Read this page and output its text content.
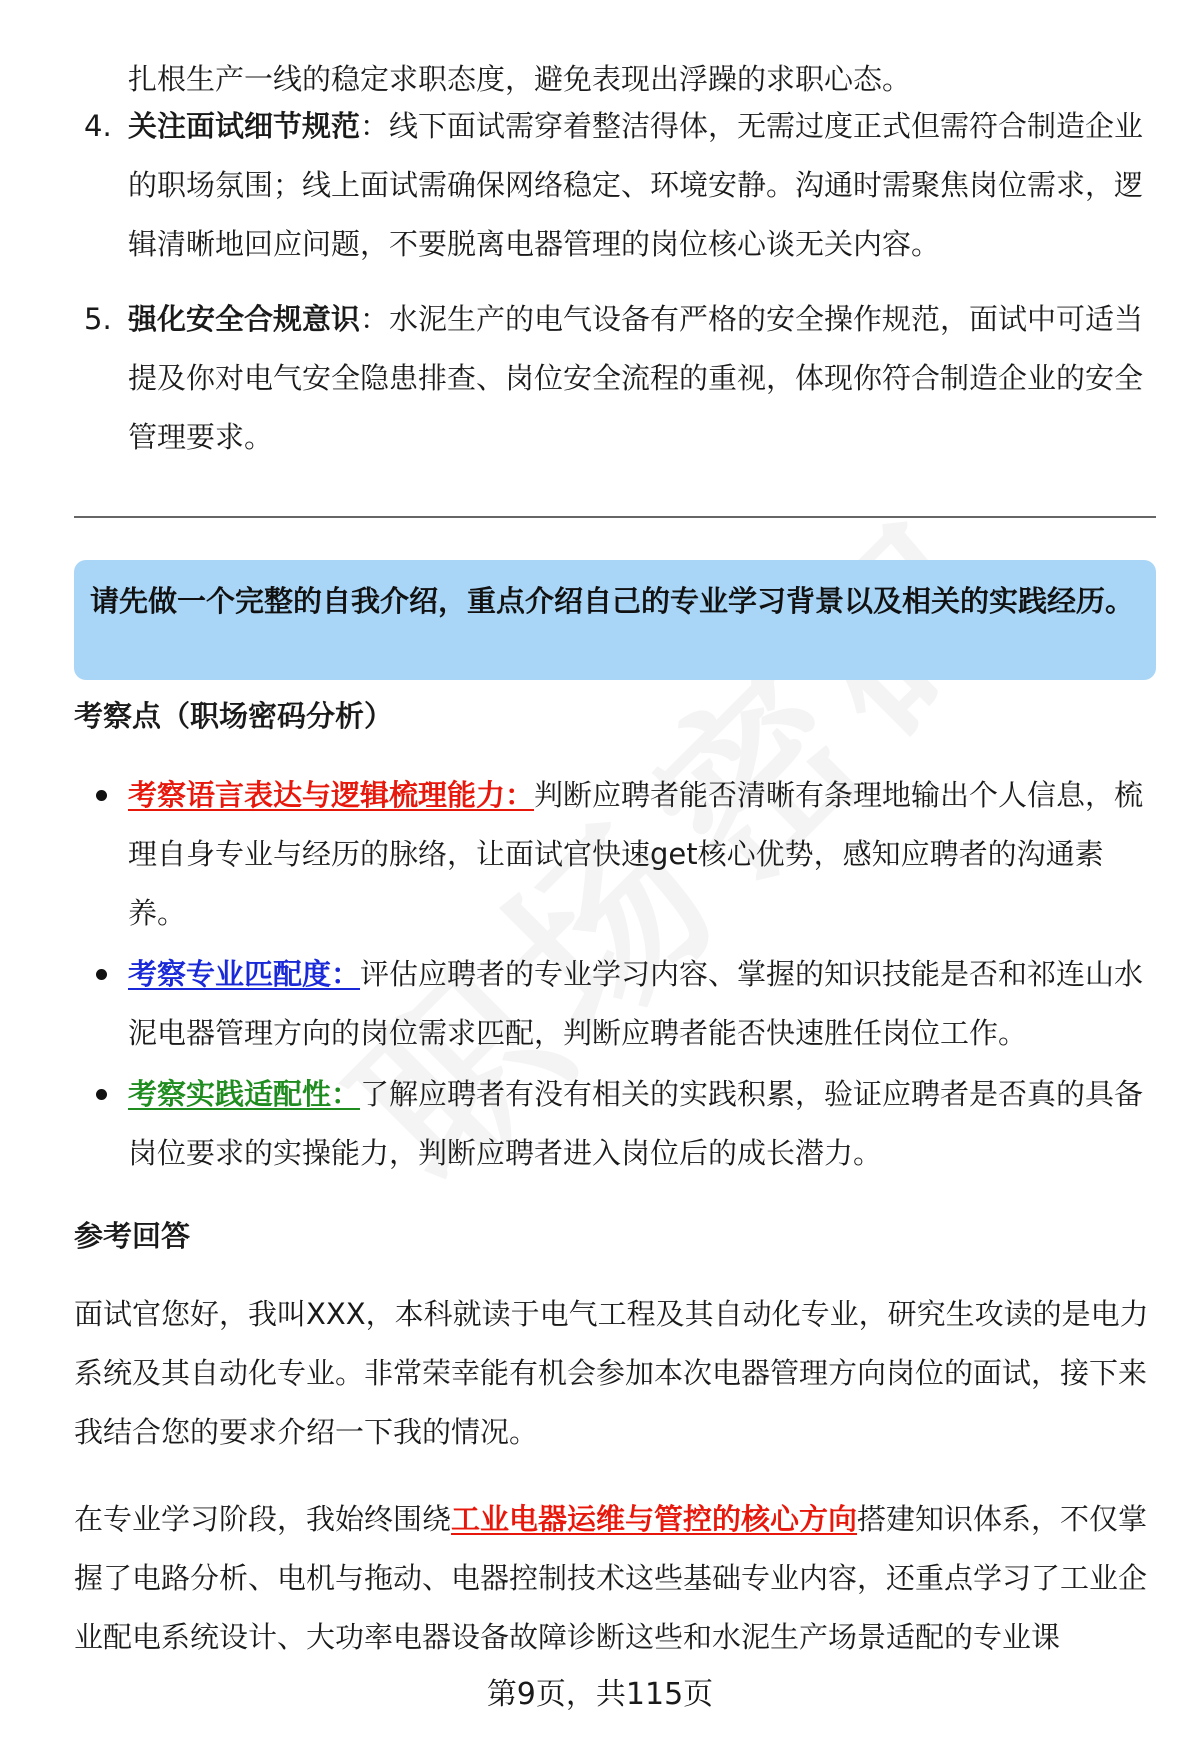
扎根生产一线的稳定求职态度，避免表现出浮躁的求职心态。
4. 关注面试细节规范：线下面试需穿着整洁得体，无需过度正式但需符合制造企业的职场氛围；线上面试需确保网络稳定、环境安静。沟通时需聚焦岗位需求，逻辑清晰地回应问题，不要脱离电器管理的岗位核心谈无关内容。
5. 强化安全合规意识：水泥生产的电气设备有严格的安全操作规范，面试中可适当提及你对电气安全隐患排查、岗位安全流程的重视，体现你符合制造企业的安全管理要求。
请先做一个完整的自我介绍，重点介绍自己的专业学习背景以及相关的实践经历。
考察点（职场密码分析）
考察语言表达与逻辑梳理能力：判断应聘者能否清晰有条理地输出个人信息，梳理自身专业与经历的脉络，让面试官快速get核心优势，感知应聘者的沟通素养。
考察专业匹配度：评估应聘者的专业学习内容、掌握的知识技能是否和祁连山水泥电器管理方向的岗位需求匹配，判断应聘者能否快速胜任岗位工作。
考察实践适配性：了解应聘者有没有相关的实践积累，验证应聘者是否真的具备岗位要求的实操能力，判断应聘者进入岗位后的成长潜力。
参考回答
面试官您好，我叫XXX，本科就读于电气工程及其自动化专业，研究生攻读的是电力系统及其自动化专业。非常荣幸能有机会参加本次电器管理方向岗位的面试，接下来我结合您的要求介绍一下我的情况。
在专业学习阶段，我始终围绕工业电器运维与管控的核心方向搭建知识体系，不仅掌握了电路分析、电机与拖动、电器控制技术这些基础专业内容，还重点学习了工业企业配电系统设计、大功率电器设备故障诊断这些和水泥生产场景适配的专业课
第9页，共115页
